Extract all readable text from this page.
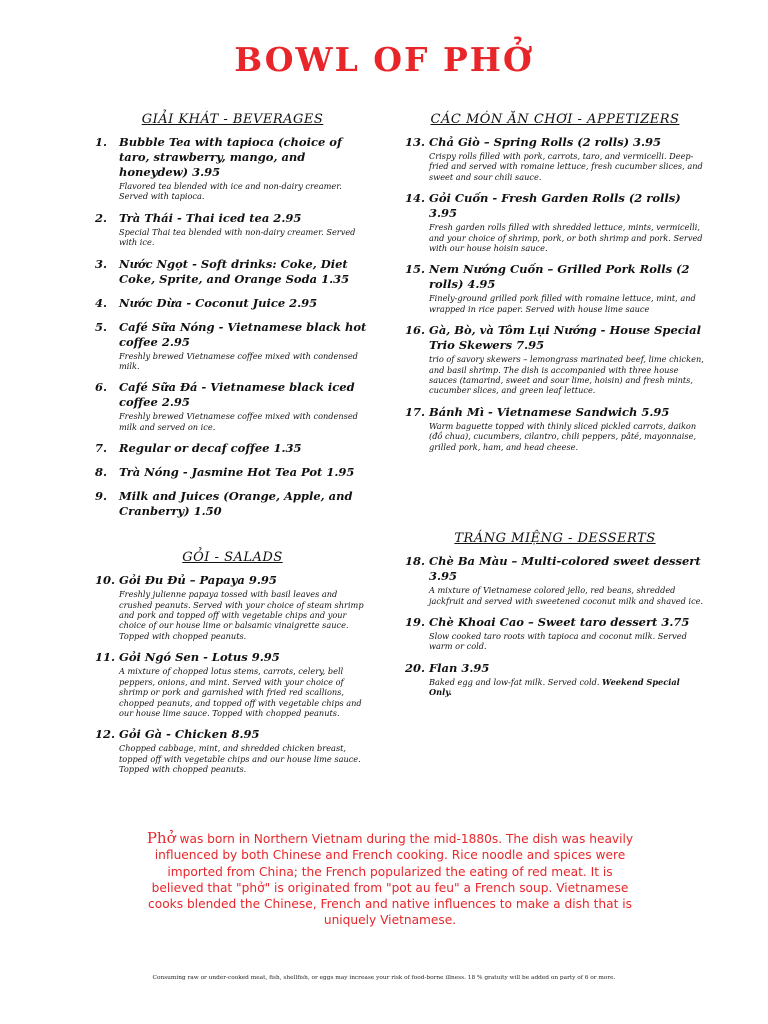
BOWL OF PHỞ
GIẢI KHÁT - BEVERAGES
1.	Bubble Tea with tapioca (choice of taro, strawberry, mango, and honeydew) 3.95
Flavored tea blended with ice and non-dairy creamer. Served with tapioca.
2.	Trà Thái - Thai iced tea 2.95
Special Thai tea blended with non-dairy creamer. Served with ice.
3.	Nước Ngọt - Soft drinks: Coke, Diet Coke, Sprite, and Orange Soda 1.35
4.	Nước Dừa - Coconut Juice 2.95
5.	Café Sữa Nóng - Vietnamese black hot coffee 2.95
Freshly brewed Vietnamese coffee mixed with condensed milk.
6.	Café Sữa Đá - Vietnamese black iced coffee 2.95
Freshly brewed Vietnamese coffee mixed with condensed milk and served on ice.
7.	Regular or decaf coffee 1.35
8.	Trà Nóng - Jasmine Hot Tea Pot 1.95
9.	Milk and Juices (Orange, Apple, and Cranberry) 1.50
GỎI - SALADS
10. Gỏi Đu Đủ – Papaya 9.95
Freshly julienne papaya tossed with basil leaves and crushed peanuts. Served with your choice of steam shrimp and pork and topped off with vegetable chips and your choice of our house lime or balsamic vinaigrette sauce. Topped with chopped peanuts.
11. Gỏi Ngó Sen - Lotus 9.95
A mixture of chopped lotus stems, carrots, celery, bell peppers, onions, and mint. Served with your choice of shrimp or pork and garnished with fried red scallions, chopped peanuts, and topped off with vegetable chips and our house lime sauce. Topped with chopped peanuts.
12. Gỏi Gà - Chicken 8.95
Chopped cabbage, mint, and shredded chicken breast, topped off with vegetable chips and our house lime sauce. Topped with chopped peanuts.
CÁC MÓN ĂN CHƠI - APPETIZERS
13. Chả Giò – Spring Rolls (2 rolls) 3.95
Crispy rolls filled with pork, carrots, taro, and vermicelli. Deep-fried and served with romaine lettuce, fresh cucumber slices, and sweet and sour chili sauce.
14. Gỏi Cuốn - Fresh Garden Rolls (2 rolls) 3.95
Fresh garden rolls filled with shredded lettuce, mints, vermicelli, and your choice of shrimp, pork, or both shrimp and pork. Served with our house hoisin sauce.
15. Nem Nướng Cuốn – Grilled Pork Rolls (2 rolls) 4.95
Finely-ground grilled pork filled with romaine lettuce, mint, and wrapped in rice paper. Served with house lime sauce
16. Gà, Bò, và Tôm Lụi Nướng - House Special Trio Skewers 7.95
trio of savory skewers – lemongrass marinated beef, lime chicken, and basil shrimp. The dish is accompanied with three house sauces (tamarind, sweet and sour lime, hoisin) and fresh mints, cucumber slices, and green leaf lettuce.
17. Bánh Mì - Vietnamese Sandwich 5.95
Warm baguette topped with thinly sliced pickled carrots, daikon (đồ chua), cucumbers, cilantro, chili peppers, pâté, mayonnaise, grilled pork, ham, and head cheese.
TRÁNG MIỆNG - DESSERTS
18. Chè Ba Màu – Multi-colored sweet dessert 3.95
A mixture of Vietnamese colored jello, red beans, shredded jackfruit and served with sweetened coconut milk and shaved ice.
19. Chè Khoai Cao – Sweet taro dessert 3.75
Slow cooked taro roots with tapioca and coconut milk. Served warm or cold.
20. Flan 3.95
Baked egg and low-fat milk. Served cold. Weekend Special Only.
Phở was born in Northern Vietnam during the mid-1880s. The dish was heavily influenced by both Chinese and French cooking. Rice noodle and spices were imported from China; the French popularized the eating of red meat. It is believed that "phở" is originated from "pot au feu" a French soup. Vietnamese cooks blended the Chinese, French and native influences to make a dish that is uniquely Vietnamese.
Consuming raw or under-cooked meat, fish, shellfish, or eggs may increase your risk of food-borne illness. 18 % gratuity will be added on party of 6 or more.
